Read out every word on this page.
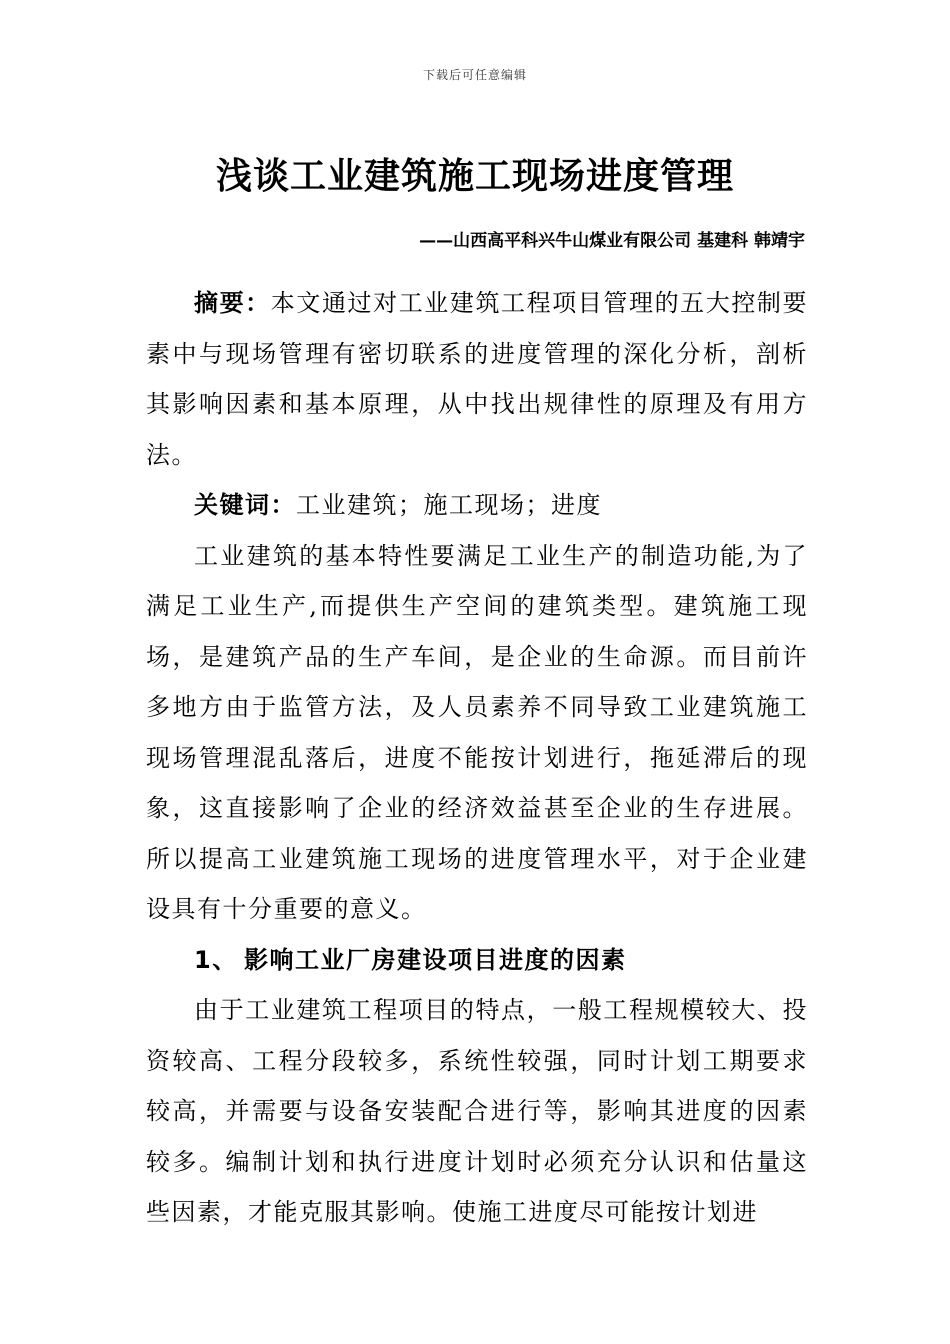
下载后可任意编辑
浅谈工业建筑施工现场进度管理
——山西高平科兴牛山煤业有限公司 基建科 韩靖宇

摘要：本文通过对工业建筑工程项目管理的五大控制要素中与现场管理有密切联系的进度管理的深化分析，剖析其影响因素和基本原理，从中找出规律性的原理及有用方法。

关键词：工业建筑；施工现场；进度

工业建筑的基本特性要满足工业生产的制造功能,为了满足工业生产,而提供生产空间的建筑类型。建筑施工现场，是建筑产品的生产车间，是企业的生命源。而目前许多地方由于监管方法，及人员素养不同导致工业建筑施工现场管理混乱落后，进度不能按计划进行，拖延滞后的现象，这直接影响了企业的经济效益甚至企业的生存进展。所以提高工业建筑施工现场的进度管理水平，对于企业建设具有十分重要的意义。

1、 影响工业厂房建设项目进度的因素

由于工业建筑工程项目的特点，一般工程规模较大、投资较高、工程分段较多，系统性较强，同时计划工期要求较高，并需要与设备安装配合进行等，影响其进度的因素较多。编制计划和执行进度计划时必须充分认识和估量这些因素，才能克服其影响。使施工进度尽可能按计划进
